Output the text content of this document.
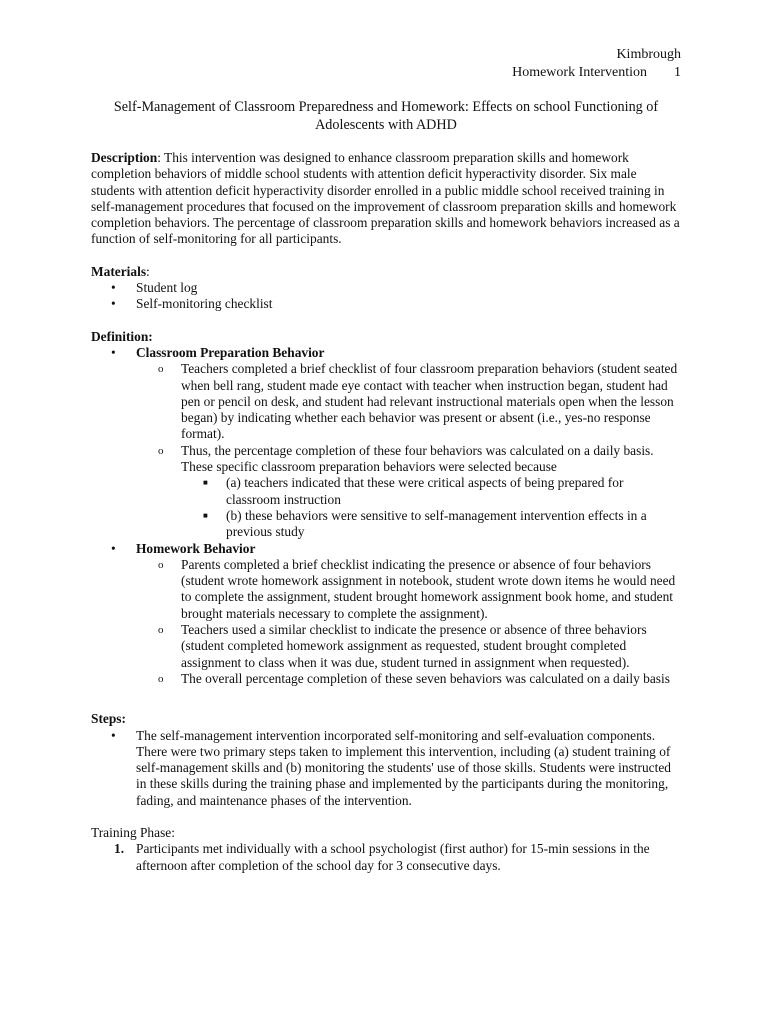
Kimbrough
Homework Intervention 1
Self-Management of Classroom Preparedness and Homework: Effects on school Functioning of
Adolescents with ADHD
Description: This intervention was designed to enhance classroom preparation skills and homework completion behaviors of middle school students with attention deficit hyperactivity disorder. Six male students with attention deficit hyperactivity disorder enrolled in a public middle school received training in self-management procedures that focused on the improvement of classroom preparation skills and homework completion behaviors. The percentage of classroom preparation skills and homework behaviors increased as a function of self-monitoring for all participants.
Materials:
• Student log
• Self-monitoring checklist
Definition:
• Classroom Preparation Behavior
o Teachers completed a brief checklist of four classroom preparation behaviors (student seated when bell rang, student made eye contact with teacher when instruction began, student had pen or pencil on desk, and student had relevant instructional materials open when the lesson began) by indicating whether each behavior was present or absent (i.e., yes-no response format).
o Thus, the percentage completion of these four behaviors was calculated on a daily basis. These specific classroom preparation behaviors were selected because
■ (a) teachers indicated that these were critical aspects of being prepared for classroom instruction
■ (b) these behaviors were sensitive to self-management intervention effects in a previous study
• Homework Behavior
o Parents completed a brief checklist indicating the presence or absence of four behaviors (student wrote homework assignment in notebook, student wrote down items he would need to complete the assignment, student brought homework assignment book home, and student brought materials necessary to complete the assignment).
o Teachers used a similar checklist to indicate the presence or absence of three behaviors (student completed homework assignment as requested, student brought completed assignment to class when it was due, student turned in assignment when requested).
o The overall percentage completion of these seven behaviors was calculated on a daily basis
Steps:
• The self-management intervention incorporated self-monitoring and self-evaluation components. There were two primary steps taken to implement this intervention, including (a) student training of self-management skills and (b) monitoring the students' use of those skills. Students were instructed in these skills during the training phase and implemented by the participants during the monitoring, fading, and maintenance phases of the intervention.
Training Phase:
1. Participants met individually with a school psychologist (first author) for 15-min sessions in the afternoon after completion of the school day for 3 consecutive days.
